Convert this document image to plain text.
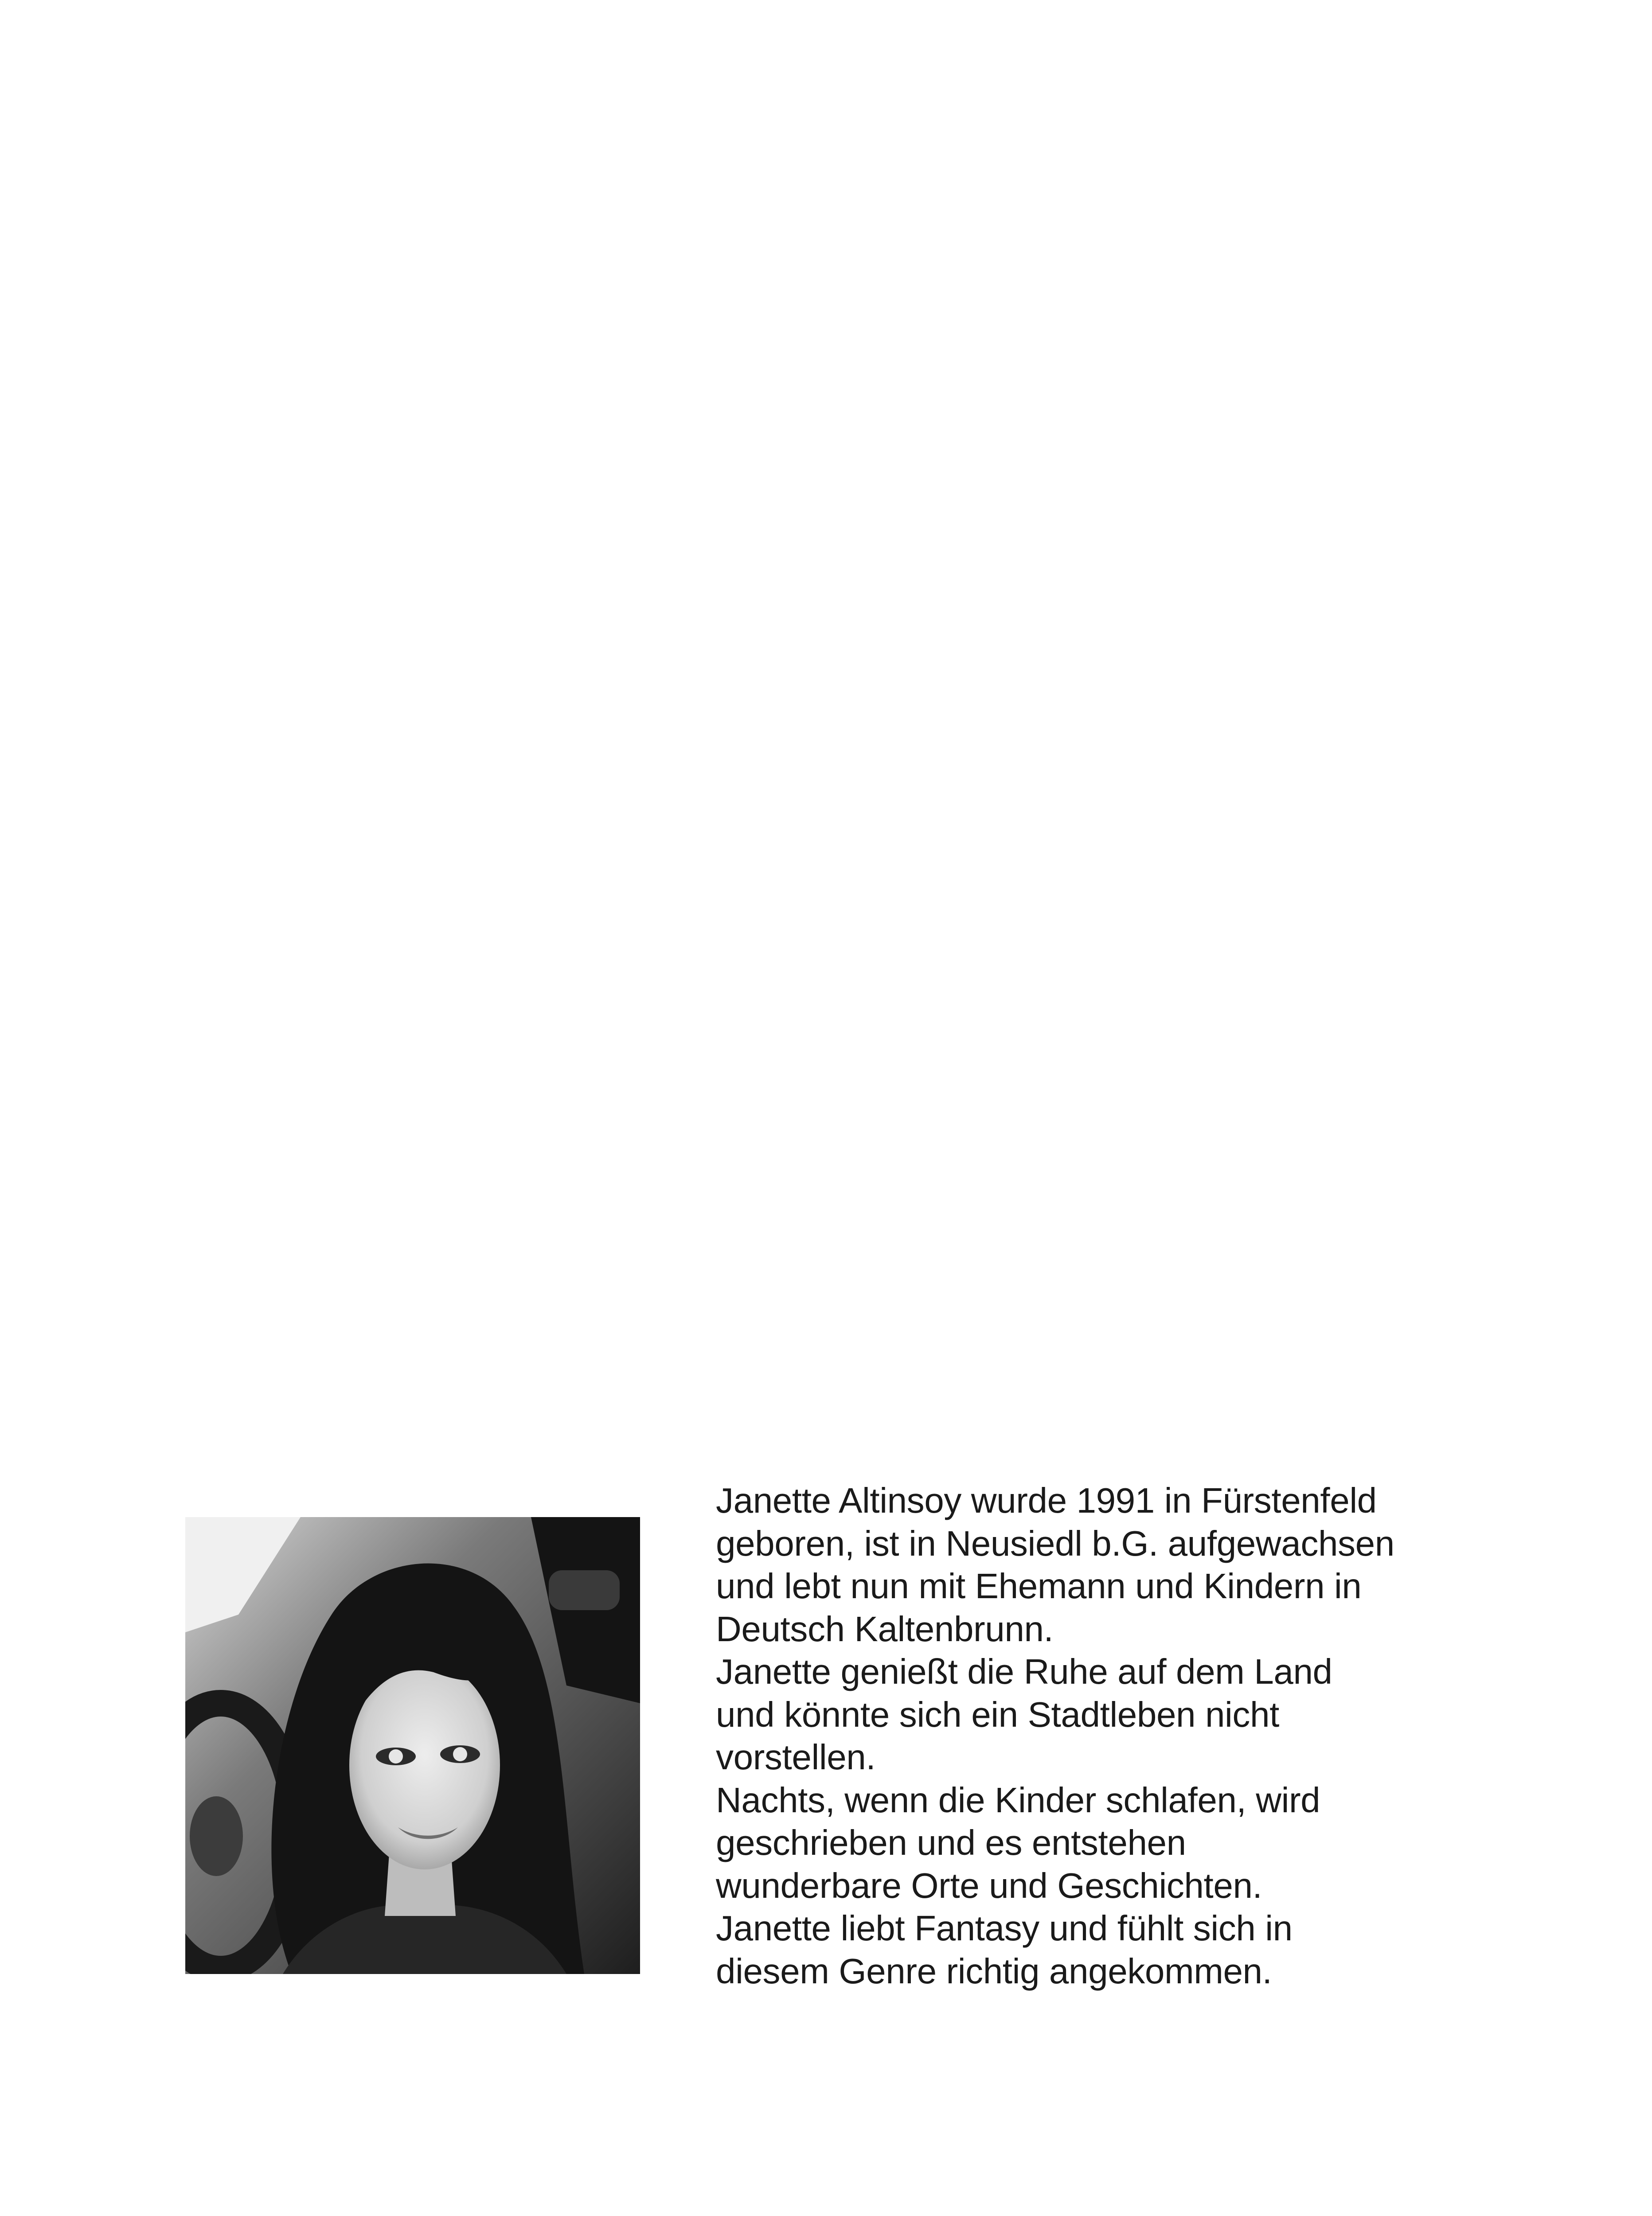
Janette Altinsoy wurde 1991 in Fürstenfeld
geboren, ist in Neusiedl b.G. aufgewachsen
und lebt nun mit Ehemann und Kindern in
Deutsch Kaltenbrunn.
Janette genießt die Ruhe auf dem Land
und könnte sich ein Stadtleben nicht
vorstellen.
Nachts, wenn die Kinder schlafen, wird
geschrieben und es entstehen
wunderbare Orte und Geschichten.
Janette liebt Fantasy und fühlt sich in
diesem Genre richtig angekommen.
